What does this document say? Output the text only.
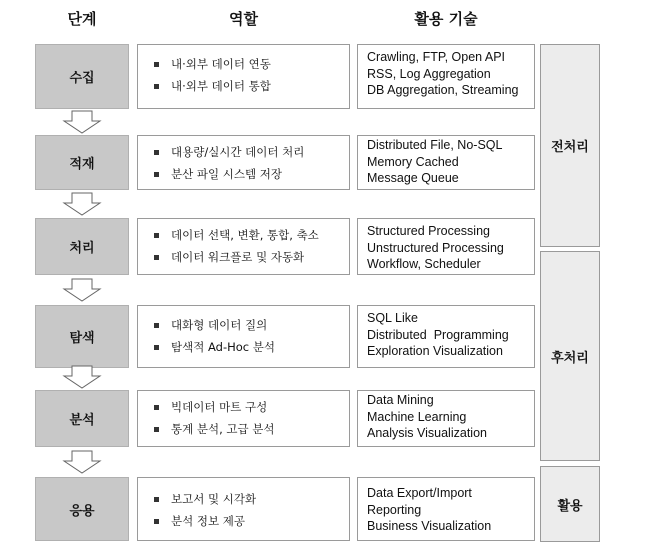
단계	역할	활용 기술
수집
내·외부 데이터 연동
내·외부 데이터 통합
Crawling, FTP, Open API
RSS, Log Aggregation
DB Aggregation, Streaming
적재
대용량/실시간 데이터 처리
분산 파일 시스템 저장
Distributed File, No-SQL
Memory Cached
Message Queue
처리
데이터 선택, 변환, 통합, 축소
데이터 워크플로 및 자동화
Structured Processing
Unstructured Processing
Workflow, Scheduler
탐색
대화형 데이터 질의
탐색적 Ad-Hoc 분석
SQL Like
Distributed  Programming
Exploration Visualization
분석
빅데이터 마트 구성
통계 분석, 고급 분석
Data Mining
Machine Learning
Analysis Visualization
응용
보고서 및 시각화
분석 정보 제공
Data Export/Import
Reporting
Business Visualization
전처리
후처리
활용
